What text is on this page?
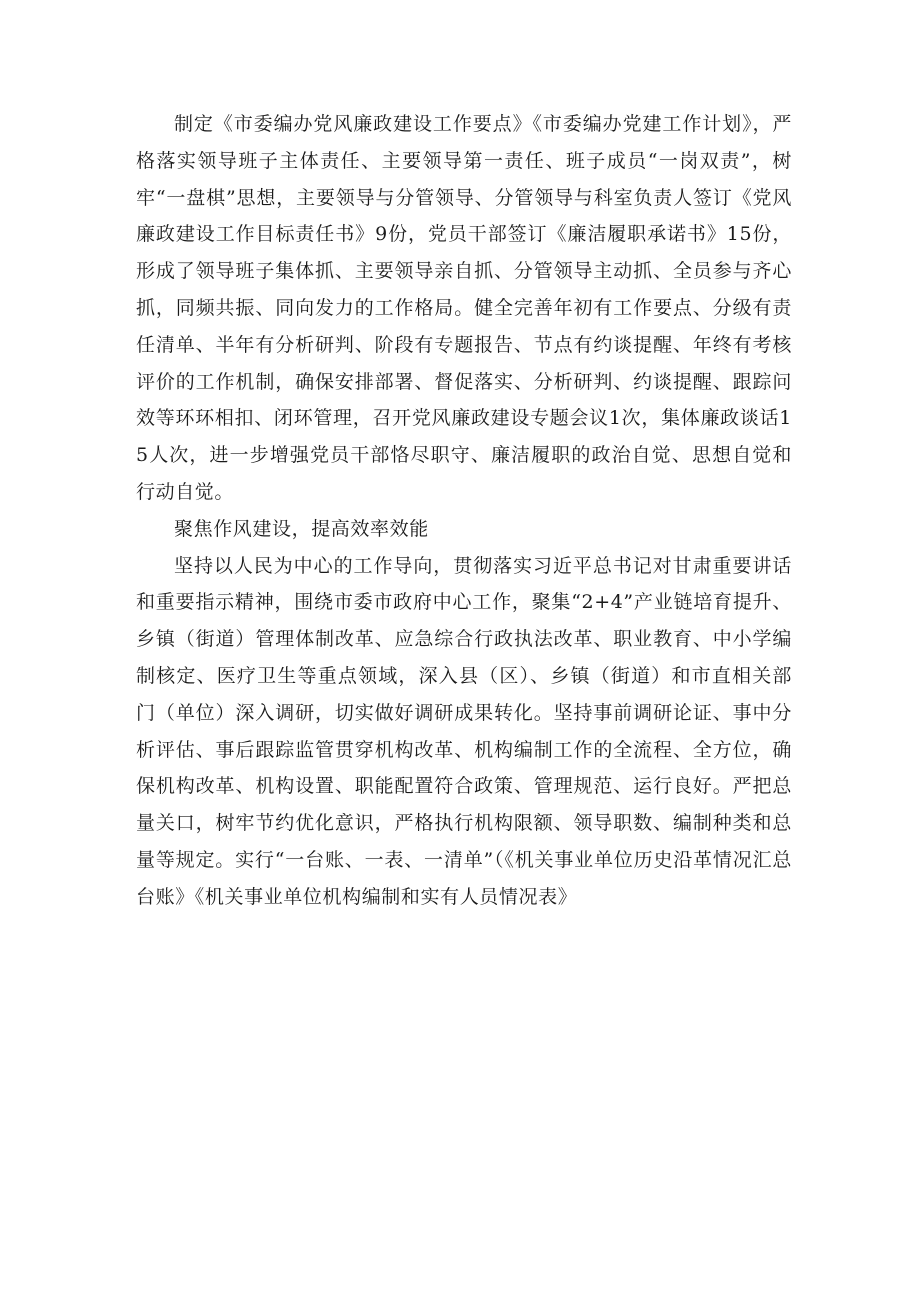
制定《市委编办党风廉政建设工作要点》《市委编办党建工作计划》，严格落实领导班子主体责任、主要领导第一责任、班子成员“一岗双责”，树牢“一盘棋”思想，主要领导与分管领导、分管领导与科室负责人签订《党风廉政建设工作目标责任书》9份，党员干部签订《廉洁履职承诺书》15份，形成了领导班子集体抓、主要领导亲自抓、分管领导主动抓、全员参与齐心抓，同频共振、同向发力的工作格局。健全完善年初有工作要点、分级有责任清单、半年有分析研判、阶段有专题报告、节点有约谈提醒、年终有考核评价的工作机制，确保安排部署、督促落实、分析研判、约谈提醒、跟踪问效等环环相扣、闭环管理，召开党风廉政建设专题会议1次，集体廉政谈话15人次，进一步增强党员干部恪尽职守、廉洁履职的政治自觉、思想自觉和行动自觉。

聚焦作风建设，提高效率效能

坚持以人民为中心的工作导向，贯彻落实习近平总书记对甘肃重要讲话和重要指示精神，围绕市委市政府中心工作，聚集“2+4”产业链培育提升、乡镇（街道）管理体制改革、应急综合行政执法改革、职业教育、中小学编制核定、医疗卫生等重点领域，深入县（区）、乡镇（街道）和市直相关部门（单位）深入调研，切实做好调研成果转化。坚持事前调研论证、事中分析评估、事后跟踪监管贯穿机构改革、机构编制工作的全流程、全方位，确保机构改革、机构设置、职能配置符合政策、管理规范、运行良好。严把总量关口，树牢节约优化意识，严格执行机构限额、领导职数、编制种类和总量等规定。实行“一台账、一表、一清单”（《机关事业单位历史沿革情况汇总台账》《机关事业单位机构编制和实有人员情况表》
